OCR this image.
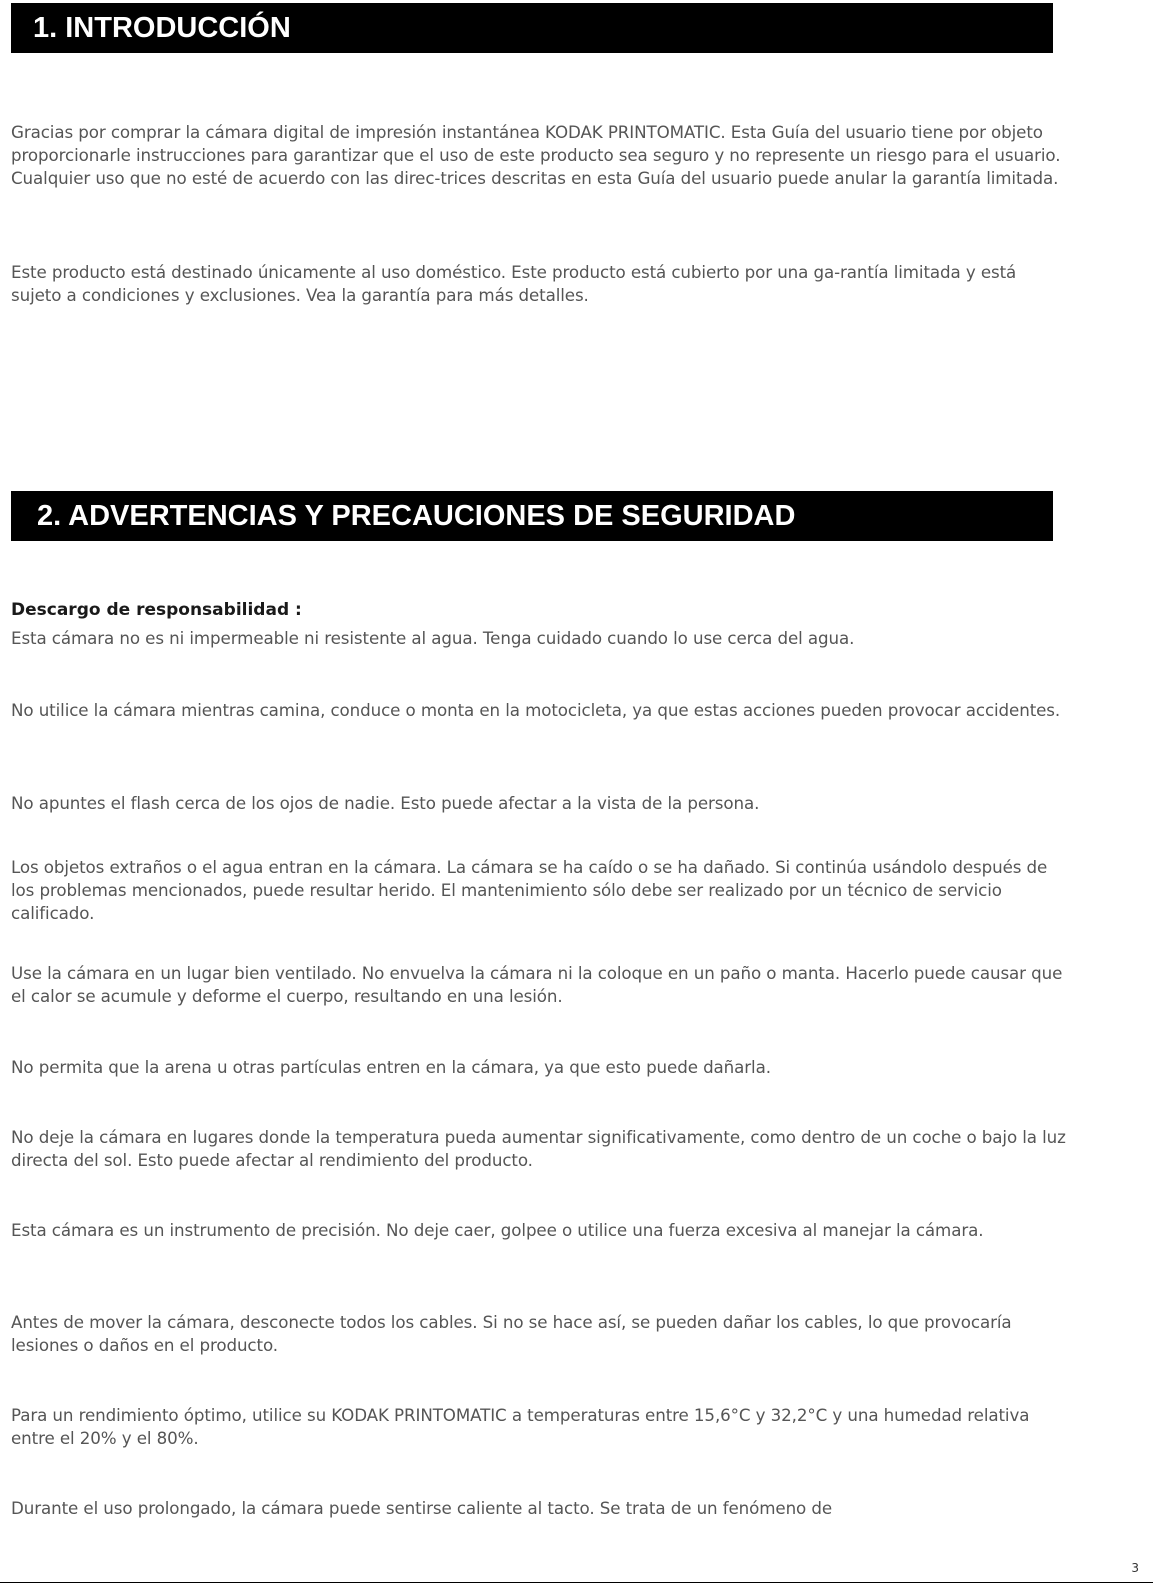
1. INTRODUCCIÓN

Gracias por comprar la cámara digital de impresión instantánea KODAK PRINTOMATIC. Esta Guía del usuario tiene por objeto proporcionarle instrucciones para garantizar que el uso de este producto sea seguro y no represente un riesgo para el usuario. Cualquier uso que no esté de acuerdo con las direc-trices descritas en esta Guía del usuario puede anular la garantía limitada.

Este producto está destinado únicamente al uso doméstico. Este producto está cubierto por una ga-rantía limitada y está sujeto a condiciones y exclusiones. Vea la garantía para más detalles.

2. ADVERTENCIAS Y PRECAUCIONES DE SEGURIDAD

Descargo de responsabilidad :

Esta cámara no es ni impermeable ni resistente al agua. Tenga cuidado cuando lo use cerca del agua.

No utilice la cámara mientras camina, conduce o monta en la motocicleta, ya que estas acciones pueden provocar accidentes.

No apuntes el flash cerca de los ojos de nadie. Esto puede afectar a la vista de la persona.

Los objetos extraños o el agua entran en la cámara. La cámara se ha caído o se ha dañado. Si continúa usándolo después de los problemas mencionados, puede resultar herido. El mantenimiento sólo debe ser realizado por un técnico de servicio calificado.

Use la cámara en un lugar bien ventilado. No envuelva la cámara ni la coloque en un paño o manta. Hacerlo puede causar que el calor se acumule y deforme el cuerpo, resultando en una lesión.

No permita que la arena u otras partículas entren en la cámara, ya que esto puede dañarla.

No deje la cámara en lugares donde la temperatura pueda aumentar significativamente, como dentro de un coche o bajo la luz directa del sol. Esto puede afectar al rendimiento del producto.

Esta cámara es un instrumento de precisión. No deje caer, golpee o utilice una fuerza excesiva al manejar la cámara.

Antes de mover la cámara, desconecte todos los cables. Si no se hace así, se pueden dañar los cables, lo que provocaría lesiones o daños en el producto.

Para un rendimiento óptimo, utilice su KODAK PRINTOMATIC a temperaturas entre 15,6°C y 32,2°C y una humedad relativa entre el 20% y el 80%.

Durante el uso prolongado, la cámara puede sentirse caliente al tacto. Se trata de un fenómeno de

3
